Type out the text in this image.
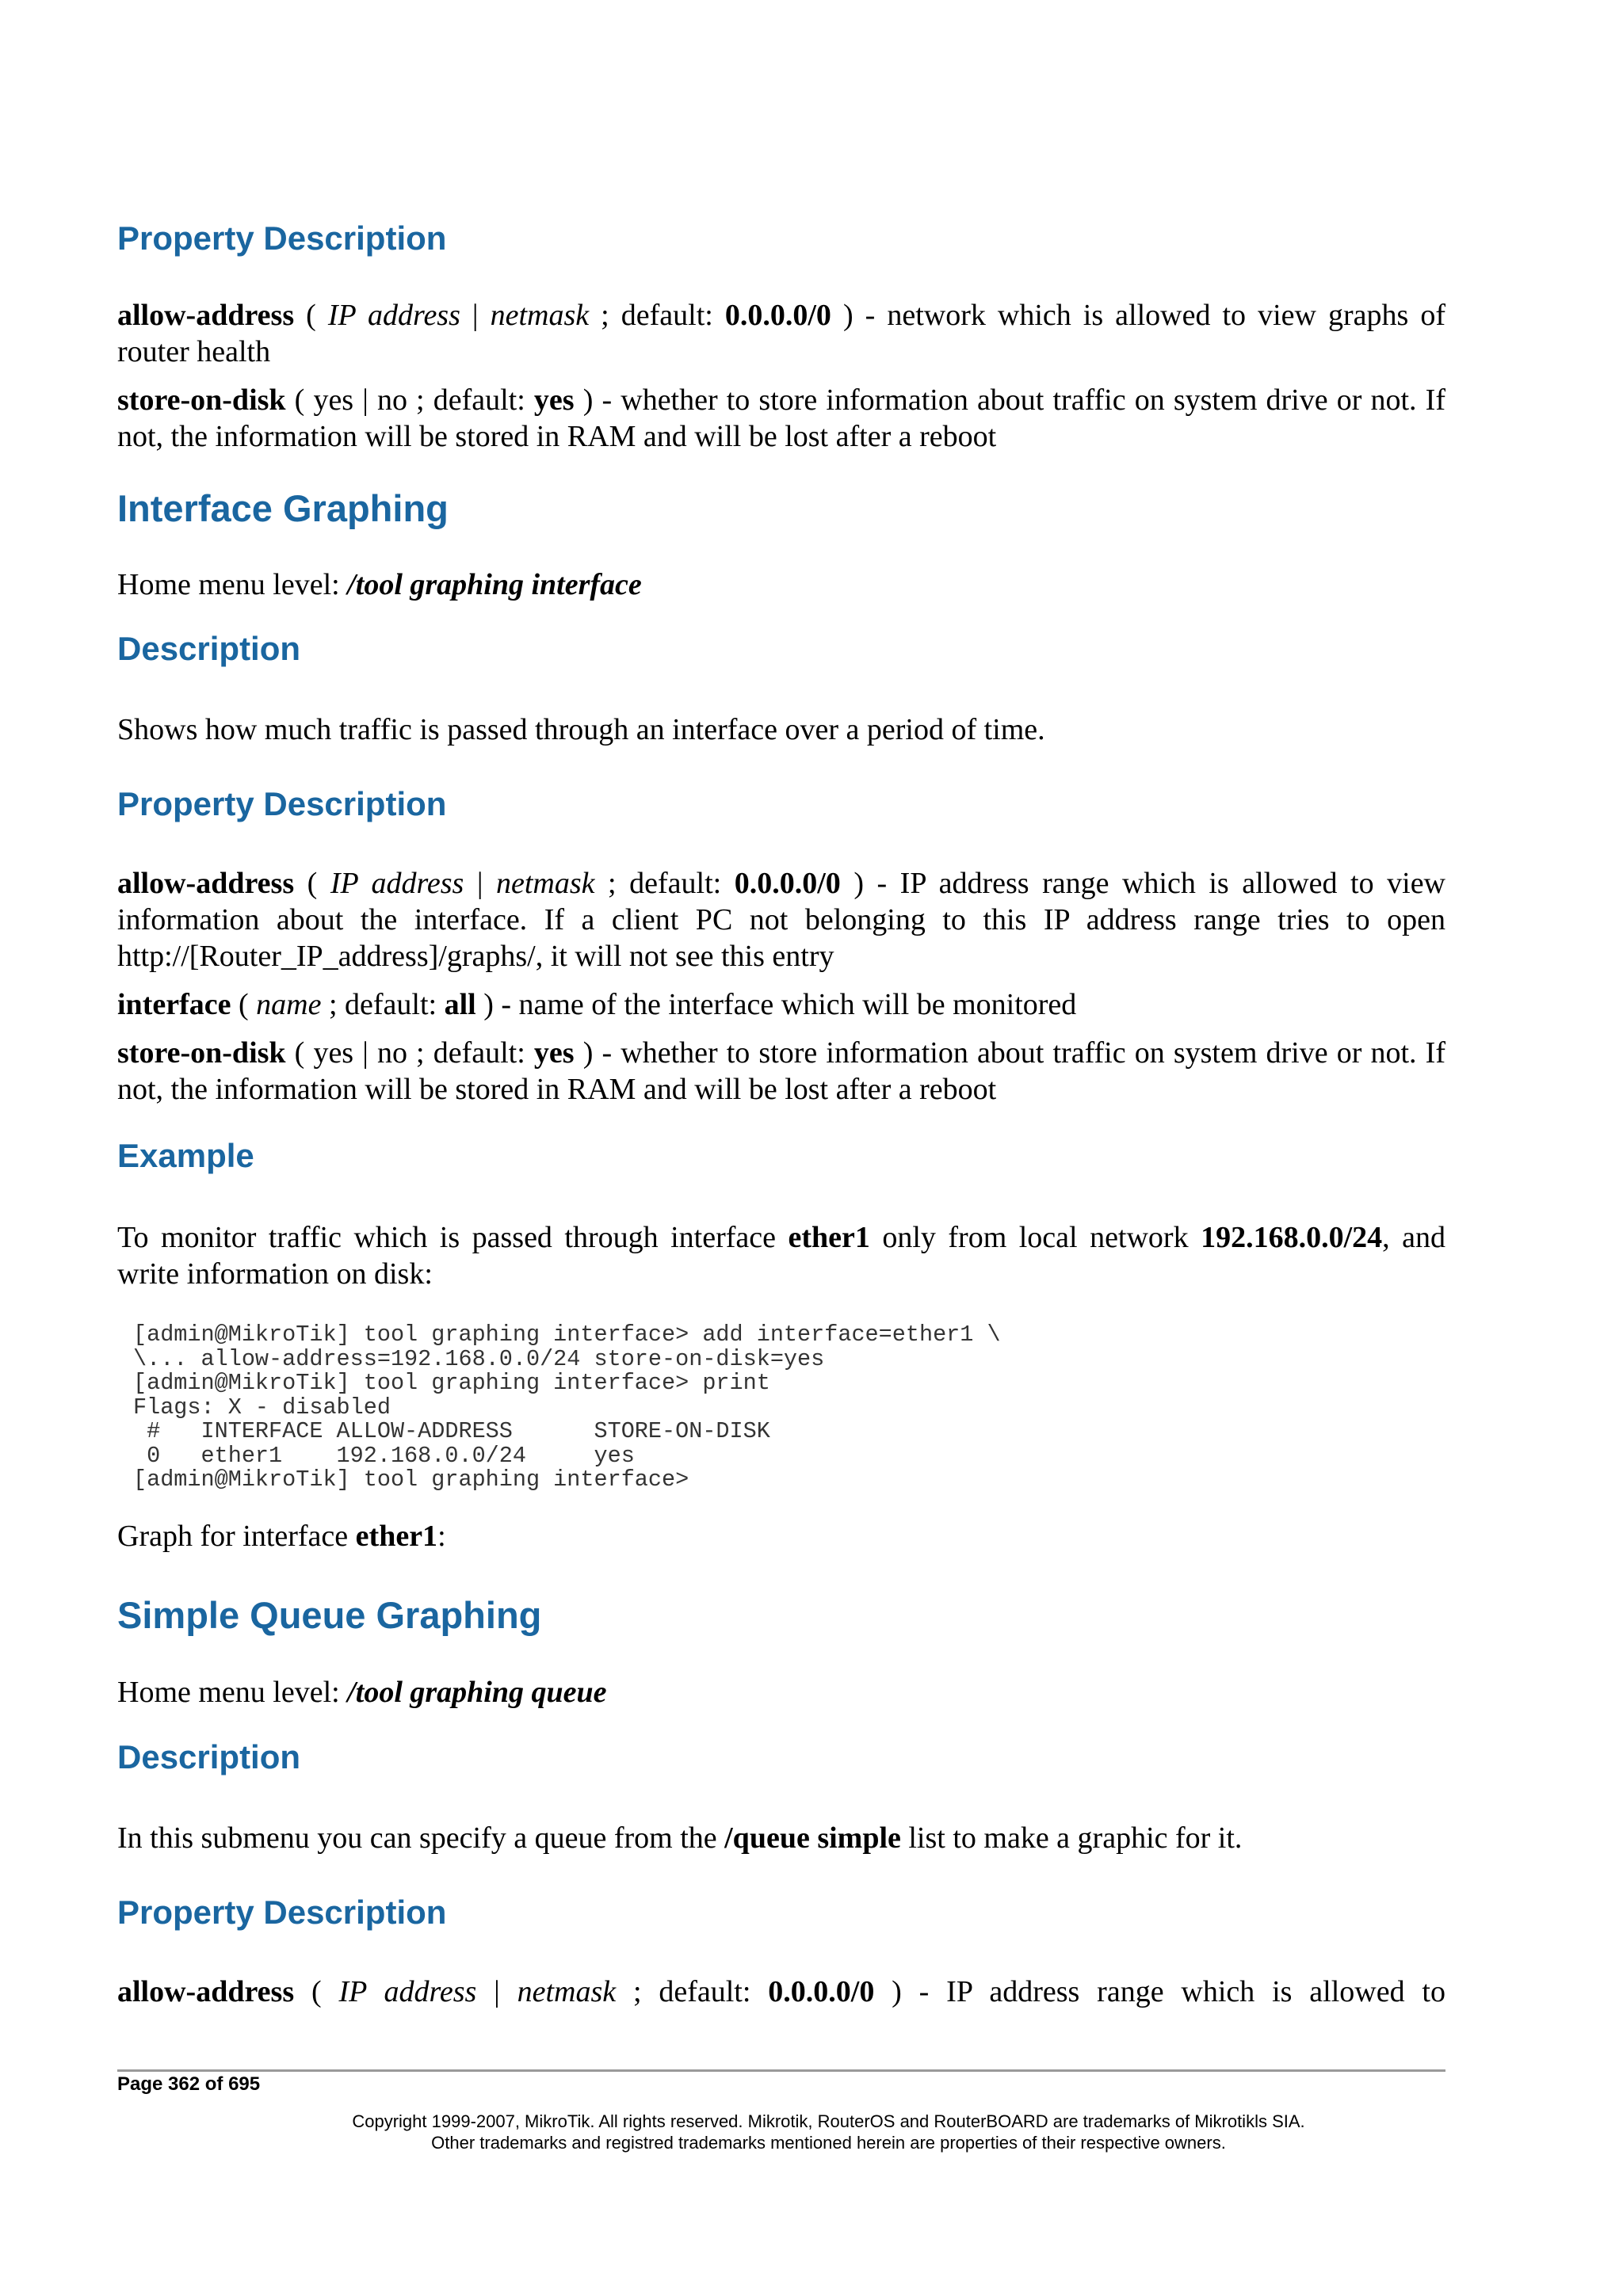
Property Description

allow-address ( IP address | netmask ; default: 0.0.0.0/0 ) - network which is allowed to view graphs of router health

store-on-disk ( yes | no ; default: yes ) - whether to store information about traffic on system drive or not. If not, the information will be stored in RAM and will be lost after a reboot

Interface Graphing

Home menu level: /tool graphing interface

Description

Shows how much traffic is passed through an interface over a period of time.

Property Description

allow-address ( IP address | netmask ; default: 0.0.0.0/0 ) - IP address range which is allowed to view information about the interface. If a client PC not belonging to this IP address range tries to open http://[Router_IP_address]/graphs/, it will not see this entry

interface ( name ; default: all ) - name of the interface which will be monitored

store-on-disk ( yes | no ; default: yes ) - whether to store information about traffic on system drive or not. If not, the information will be stored in RAM and will be lost after a reboot

Example

To monitor traffic which is passed through interface ether1 only from local network 192.168.0.0/24, and write information on disk:

[admin@MikroTik] tool graphing interface> add interface=ether1 \
\... allow-address=192.168.0.0/24 store-on-disk=yes
[admin@MikroTik] tool graphing interface> print
Flags: X - disabled
#   INTERFACE ALLOW-ADDRESS      STORE-ON-DISK
0   ether1    192.168.0.0/24     yes
[admin@MikroTik] tool graphing interface>

Graph for interface ether1:

Simple Queue Graphing

Home menu level: /tool graphing queue

Description

In this submenu you can specify a queue from the /queue simple list to make a graphic for it.

Property Description

allow-address ( IP address | netmask ; default: 0.0.0.0/0 ) - IP address range which is allowed to

Page 362 of 695
Copyright 1999-2007, MikroTik. All rights reserved. Mikrotik, RouterOS and RouterBOARD are trademarks of Mikrotikls SIA.
Other trademarks and registred trademarks mentioned herein are properties of their respective owners.
